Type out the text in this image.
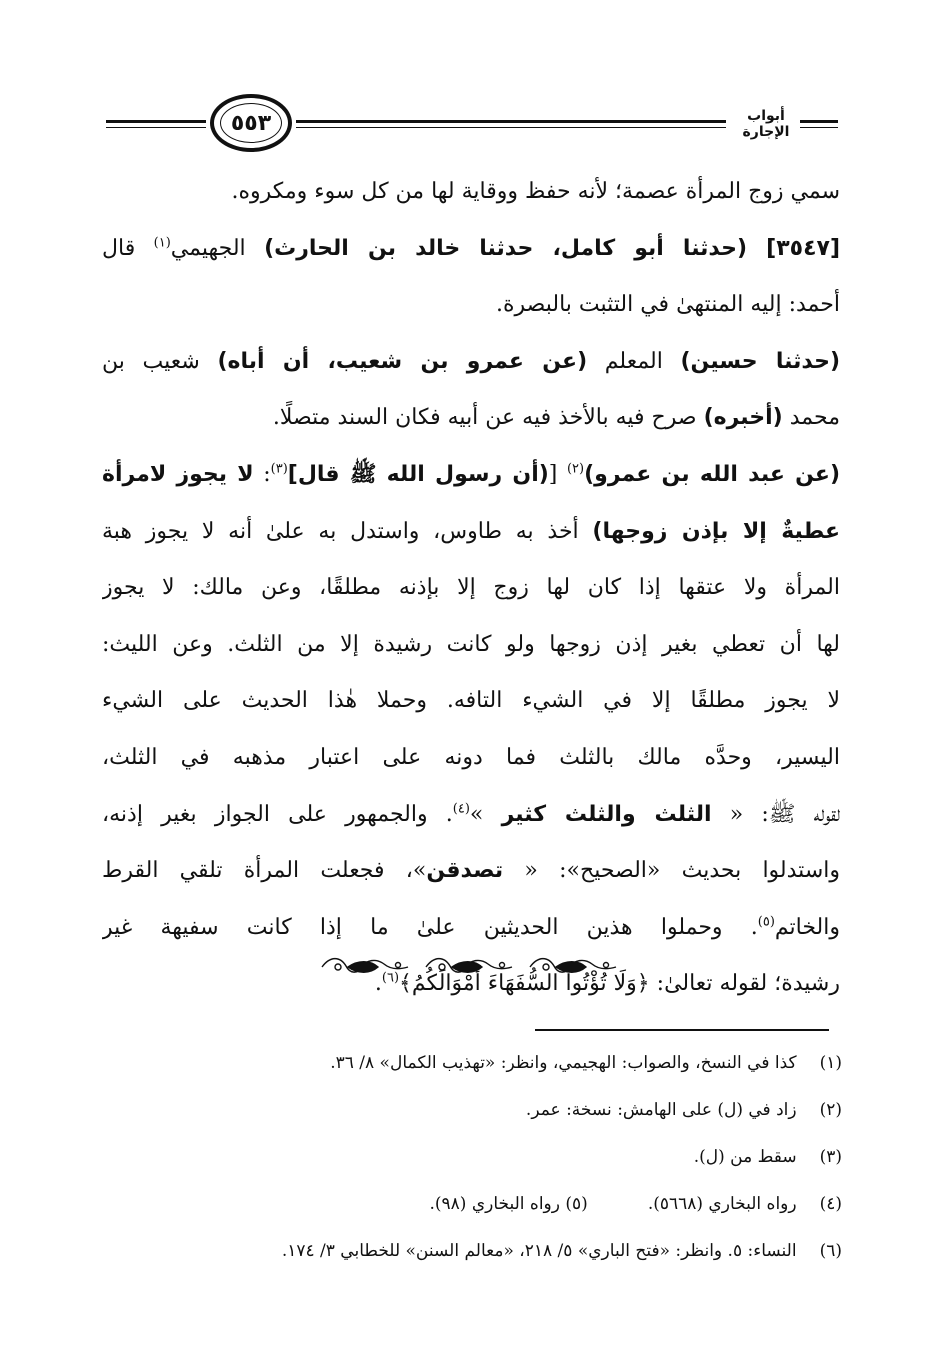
٥٥٣	أبواب الإجارة
سمي زوج المرأة عصمة؛ لأنه حفظ ووقاية لها من كل سوء ومكروه.
[٣٥٤٧] (حدثنا أبو كامل، حدثنا خالد بن الحارث) الجهيمي$^{(١)}$ قال
أحمد: إليه المنتهىٰ في التثبت بالبصرة.
(حدثنا حسين) المعلم (عن عمرو بن شعيب، أن أباه) شعيب بن
محمد (أخبره) صرح فيه بالأخذ فيه عن أبيه فكان السند متصلًا.
(عن عبد الله بن عمرو)$^{(٢)}$ [(أن رسول الله ﷺ قال]$^{(٣)}$: لا يجوز لامرأة
عطيةٌ إلا بإذن زوجها) أخذ به طاوس، واستدل به علىٰ أنه لا يجوز هبة
المرأة ولا عتقها إذا كان لها زوج إلا بإذنه مطلقًا، وعن مالك: لا يجوز
لها أن تعطي بغير إذن زوجها ولو كانت رشيدة إلا من الثلث. وعن الليث:
لا يجوز مطلقًا إلا في الشيء التافه. وحملا هٰذا الحديث على الشيء
اليسير، وحدَّه مالك بالثلث فما دونه على اعتبار مذهبه في الثلث،
لقوله ﷺ: « الثلث والثلث كثير »$^{(٤)}$. والجمهور على الجواز بغير إذنه،
واستدلوا بحديث «الصحيح»: « تصدقن»، فجعلت المرأة تلقي القرط
والخاتم$^{(٥)}$. وحملوا هذين الحديثين علىٰ ما إذا كانت سفيهة غير
رشيدة؛ لقوله تعالىٰ: ﴿وَلَا تُؤْتُوا السُّفَهَاءَ أَمْوَالَكُمُ﴾$^{(٦)}$.
(١) كذا في النسخ، والصواب: الهجيمي، وانظر: «تهذيب الكمال» ٨/ ٣٦.
(٢) زاد في (ل) على الهامش: نسخة: عمر.
(٣) سقط من (ل).
(٤) رواه البخاري (٥٦٦٨).(٥) رواه البخاري (٩٨).
(٦) النساء: ٥. وانظر: «فتح الباري» ٥/ ٢١٨، «معالم السنن» للخطابي ٣/ ١٧٤.
